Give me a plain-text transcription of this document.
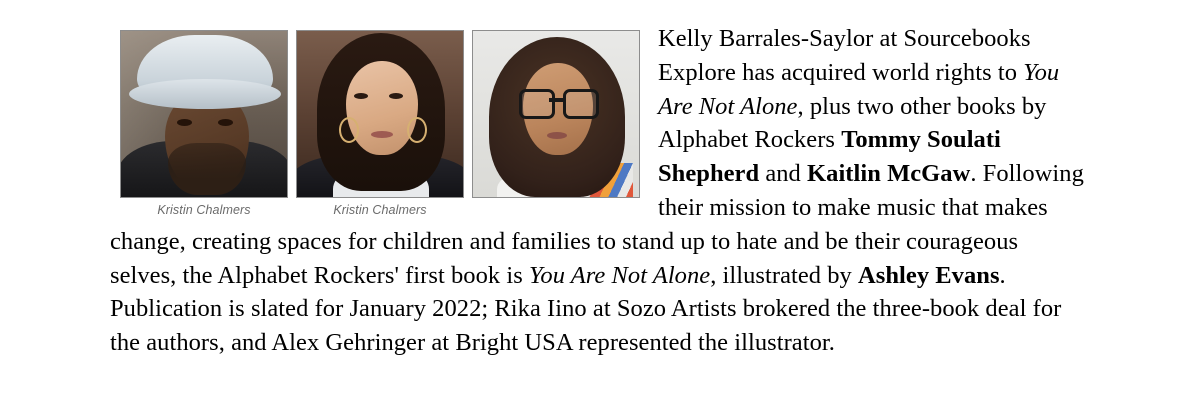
Kristin Chalmers	Kristin Chalmers
Kelly Barrales-Saylor at Sourcebooks Explore has acquired world rights to You Are Not Alone, plus two other books by Alphabet Rockers Tommy Soulati Shepherd and Kaitlin McGaw. Following their mission to make music that makes change, creating spaces for children and families to stand up to hate and be their courageous selves, the Alphabet Rockers' first book is You Are Not Alone, illustrated by Ashley Evans. Publication is slated for January 2022; Rika Iino at Sozo Artists brokered the three-book deal for the authors, and Alex Gehringer at Bright USA represented the illustrator.
